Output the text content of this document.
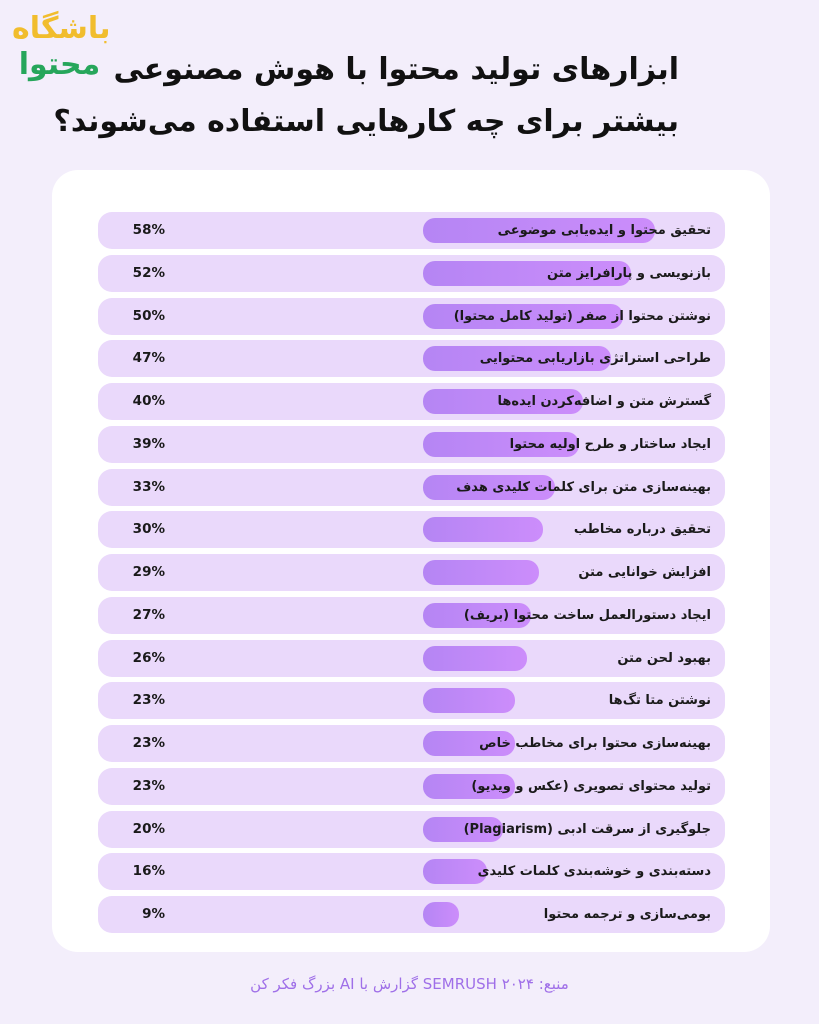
باشگاه
محتوا ابزارهای تولید محتوا با هوش مصنوعی
بیشتر برای چه کارهایی استفاده می‌شوند؟
تحقیق محتوا و ایده‌یابی موضوعی
58%
بازنویسی و پارافرایز متن
52%
نوشتن محتوا از صفر (تولید کامل محتوا)
50%
طراحی استراتژی بازاریابی محتوایی
47%
گسترش متن و اضافه‌کردن ایده‌ها
40%
ایجاد ساختار و طرح اولیه محتوا
39%
بهینه‌سازی متن برای کلمات کلیدی هدف
33%
تحقیق درباره مخاطب
30%
افزایش خوانایی متن
29%
ایجاد دستورالعمل ساخت محتوا (بریف)
27%
بهبود لحن متن
26%
نوشتن متا تگ‌ها
23%
بهینه‌سازی محتوا برای مخاطب خاص
23%
تولید محتوای تصویری (عکس و ویدیو)
23%
جلوگیری از سرقت ادبی (Plagiarism)
20%
دسته‌بندی و خوشه‌بندی کلمات کلیدی
16%
بومی‌سازی و ترجمه محتوا
9%
منبع: SEMRUSH ۲۰۲۴ گزارش با AI بزرگ فکر کن
